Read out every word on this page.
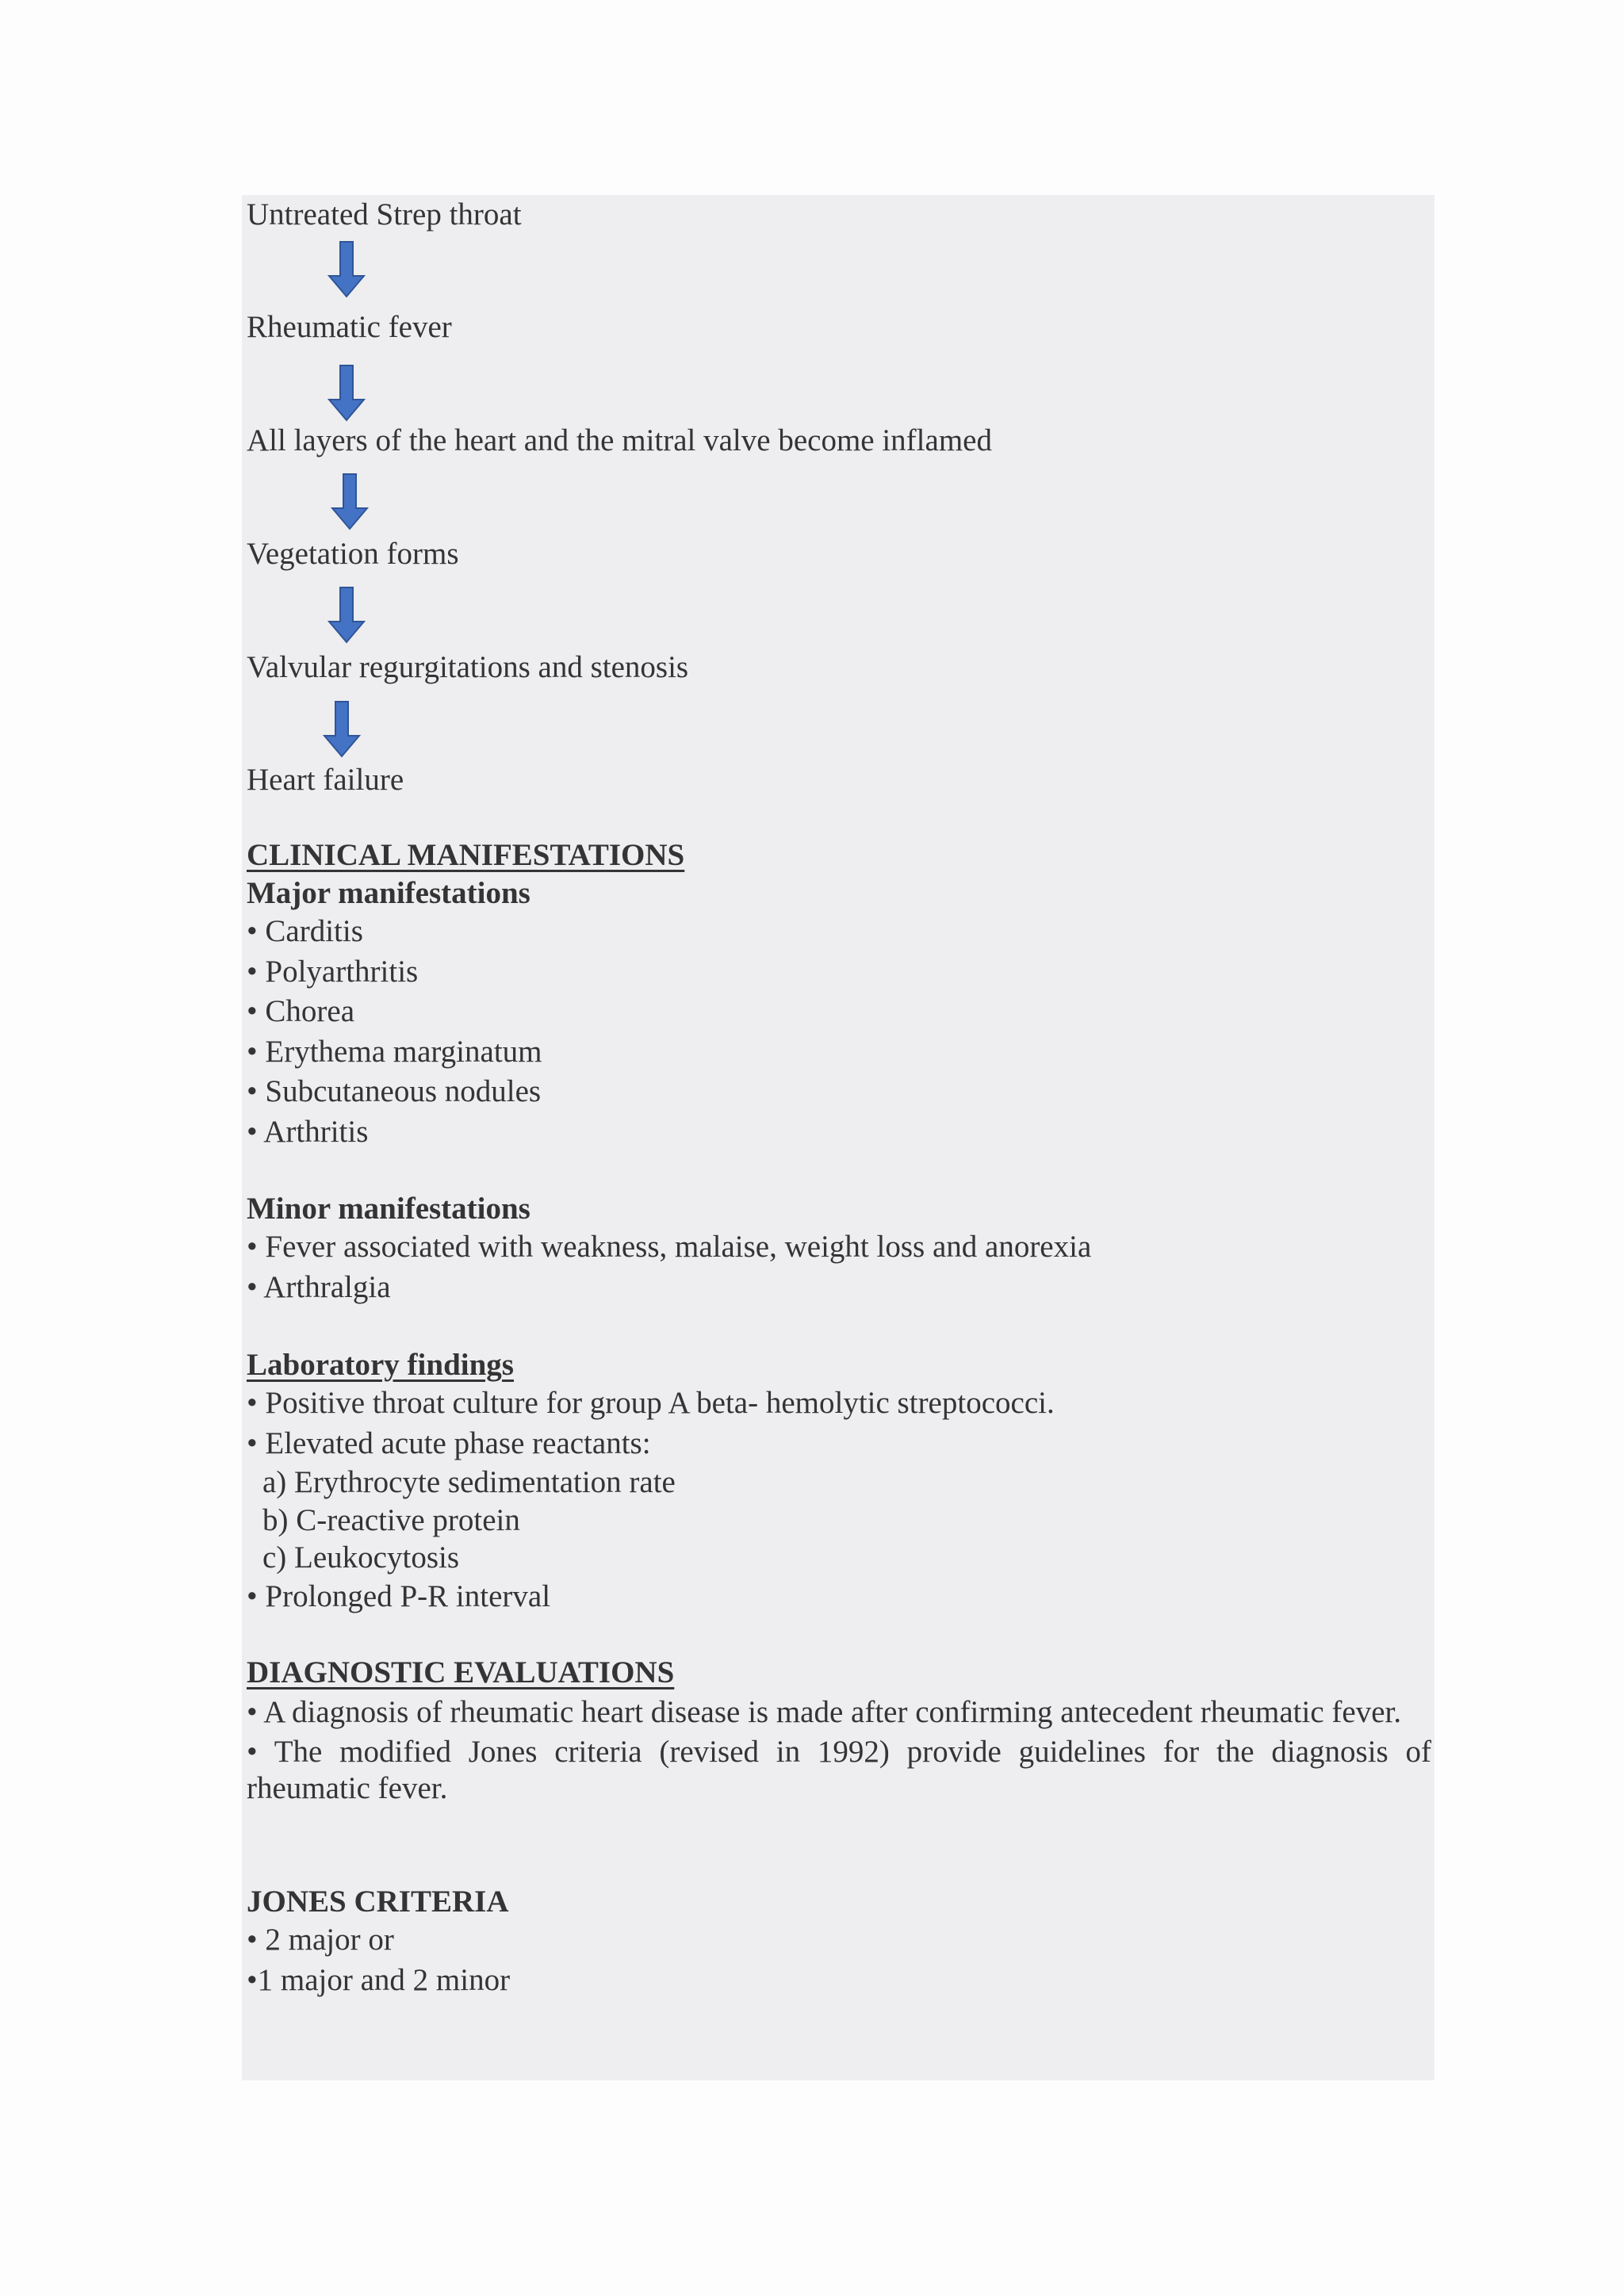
Untreated Strep throat
Rheumatic fever
All layers of the heart and the mitral valve become inflamed
Vegetation forms
Valvular regurgitations and stenosis
Heart failure
CLINICAL MANIFESTATIONS
Major manifestations

• Carditis

• Polyarthritis

• Chorea

• Erythema marginatum

• Subcutaneous nodules

• Arthritis

Minor manifestations

• Fever associated with weakness, malaise, weight loss and anorexia

• Arthralgia

Laboratory findings

• Positive throat culture for group A beta- hemolytic streptococci.

• Elevated acute phase reactants:

a) Erythrocyte sedimentation rate

b) C-reactive protein

c) Leukocytosis

• Prolonged P-R interval

DIAGNOSTIC EVALUATIONS

• A diagnosis of rheumatic heart disease is made after confirming antecedent rheumatic fever.

• The modified Jones criteria (revised in 1992) provide guidelines for the diagnosis of rheumatic fever.

JONES CRITERIA

• 2 major or

•1 major and 2 minor
